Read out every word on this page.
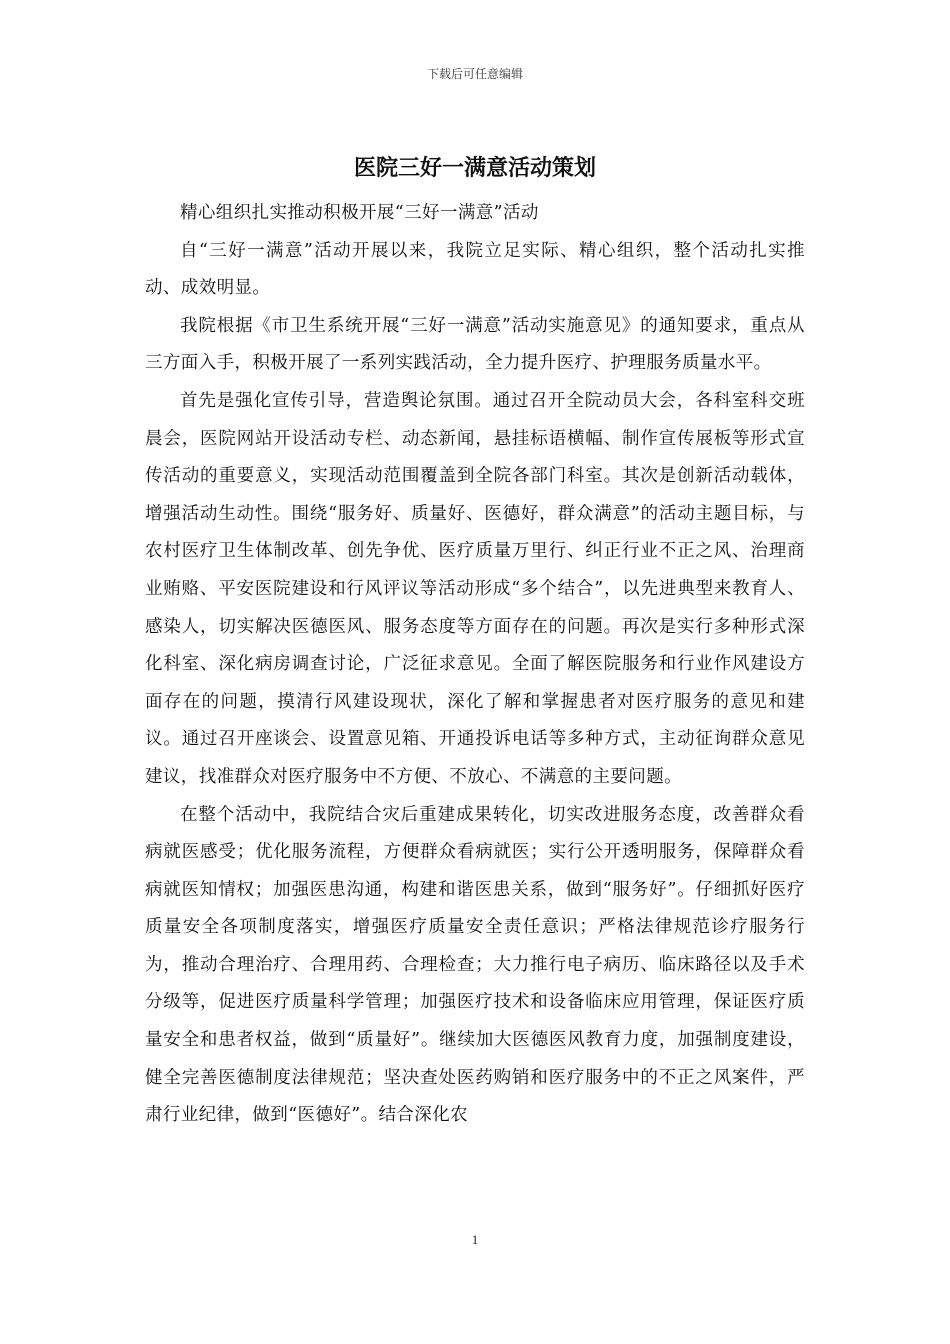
下载后可任意编辑
医院三好一满意活动策划

精心组织扎实推动积极开展“三好一满意”活动

自“三好一满意”活动开展以来，我院立足实际、精心组织，整个活动扎实推动、成效明显。

我院根据《市卫生系统开展“三好一满意”活动实施意见》的通知要求，重点从三方面入手，积极开展了一系列实践活动，全力提升医疗、护理服务质量水平。

首先是强化宣传引导，营造舆论氛围。通过召开全院动员大会，各科室科交班晨会，医院网站开设活动专栏、动态新闻，悬挂标语横幅、制作宣传展板等形式宣传活动的重要意义，实现活动范围覆盖到全院各部门科室。其次是创新活动载体，增强活动生动性。围绕“服务好、质量好、医德好，群众满意”的活动主题目标，与农村医疗卫生体制改革、创先争优、医疗质量万里行、纠正行业不正之风、治理商业贿赂、平安医院建设和行风评议等活动形成“多个结合”，以先进典型来教育人、感染人，切实解决医德医风、服务态度等方面存在的问题。再次是实行多种形式深化科室、深化病房调查讨论，广泛征求意见。全面了解医院服务和行业作风建设方面存在的问题，摸清行风建设现状，深化了解和掌握患者对医疗服务的意见和建议。通过召开座谈会、设置意见箱、开通投诉电话等多种方式，主动征询群众意见建议，找准群众对医疗服务中不方便、不放心、不满意的主要问题。

在整个活动中，我院结合灾后重建成果转化，切实改进服务态度，改善群众看病就医感受；优化服务流程，方便群众看病就医；实行公开透明服务，保障群众看病就医知情权；加强医患沟通，构建和谐医患关系，做到“服务好”。仔细抓好医疗质量安全各项制度落实，增强医疗质量安全责任意识；严格法律规范诊疗服务行为，推动合理治疗、合理用药、合理检查；大力推行电子病历、临床路径以及手术分级等，促进医疗质量科学管理；加强医疗技术和设备临床应用管理，保证医疗质量安全和患者权益，做到“质量好”。继续加大医德医风教育力度，加强制度建设，健全完善医德制度法律规范；坚决查处医药购销和医疗服务中的不正之风案件，严肃行业纪律，做到“医德好”。结合深化农

1
